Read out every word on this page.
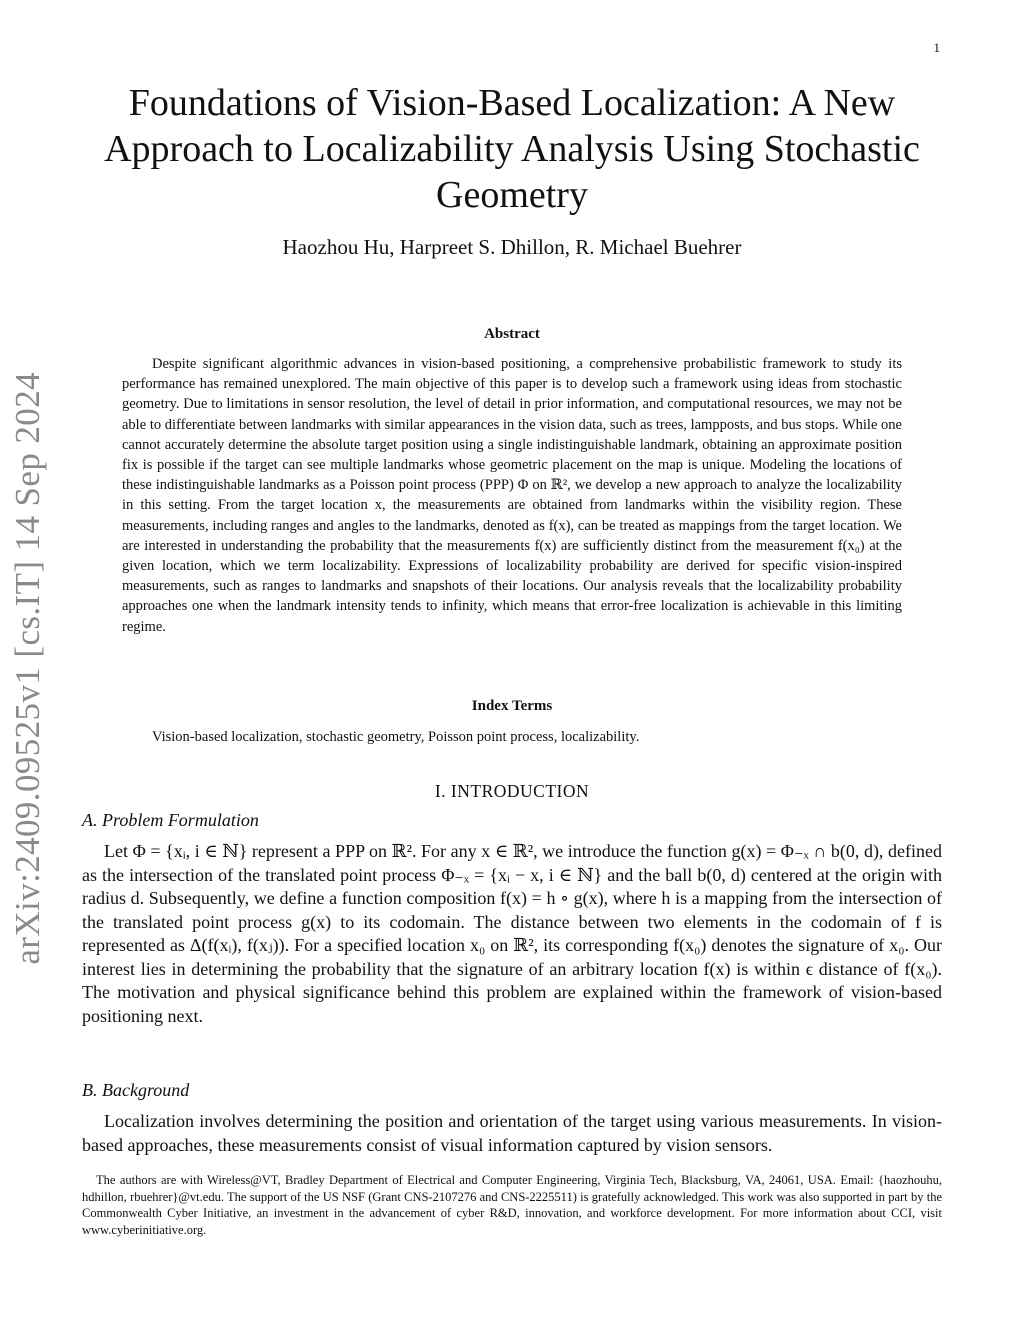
1
arXiv:2409.09525v1 [cs.IT] 14 Sep 2024
Foundations of Vision-Based Localization: A New Approach to Localizability Analysis Using Stochastic Geometry
Haozhou Hu, Harpreet S. Dhillon, R. Michael Buehrer
Abstract
Despite significant algorithmic advances in vision-based positioning, a comprehensive probabilistic framework to study its performance has remained unexplored. The main objective of this paper is to develop such a framework using ideas from stochastic geometry. Due to limitations in sensor resolution, the level of detail in prior information, and computational resources, we may not be able to differentiate between landmarks with similar appearances in the vision data, such as trees, lampposts, and bus stops. While one cannot accurately determine the absolute target position using a single indistinguishable landmark, obtaining an approximate position fix is possible if the target can see multiple landmarks whose geometric placement on the map is unique. Modeling the locations of these indistinguishable landmarks as a Poisson point process (PPP) Φ on ℝ², we develop a new approach to analyze the localizability in this setting. From the target location x, the measurements are obtained from landmarks within the visibility region. These measurements, including ranges and angles to the landmarks, denoted as f(x), can be treated as mappings from the target location. We are interested in understanding the probability that the measurements f(x) are sufficiently distinct from the measurement f(x₀) at the given location, which we term localizability. Expressions of localizability probability are derived for specific vision-inspired measurements, such as ranges to landmarks and snapshots of their locations. Our analysis reveals that the localizability probability approaches one when the landmark intensity tends to infinity, which means that error-free localization is achievable in this limiting regime.
Index Terms
Vision-based localization, stochastic geometry, Poisson point process, localizability.
I. INTRODUCTION
A. Problem Formulation
Let Φ = {xᵢ, i ∈ ℕ} represent a PPP on ℝ². For any x ∈ ℝ², we introduce the function g(x) = Φ₋ₓ ∩ b(0, d), defined as the intersection of the translated point process Φ₋ₓ = {xᵢ − x, i ∈ ℕ} and the ball b(0, d) centered at the origin with radius d. Subsequently, we define a function composition f(x) = h ∘ g(x), where h is a mapping from the intersection of the translated point process g(x) to its codomain. The distance between two elements in the codomain of f is represented as Δ(f(xᵢ), f(xⱼ)). For a specified location x₀ on ℝ², its corresponding f(x₀) denotes the signature of x₀. Our interest lies in determining the probability that the signature of an arbitrary location f(x) is within ϵ distance of f(x₀). The motivation and physical significance behind this problem are explained within the framework of vision-based positioning next.
B. Background
Localization involves determining the position and orientation of the target using various measurements. In vision-based approaches, these measurements consist of visual information captured by vision sensors.
The authors are with Wireless@VT, Bradley Department of Electrical and Computer Engineering, Virginia Tech, Blacksburg, VA, 24061, USA. Email: {haozhouhu, hdhillon, rbuehrer}@vt.edu. The support of the US NSF (Grant CNS-2107276 and CNS-2225511) is gratefully acknowledged. This work was also supported in part by the Commonwealth Cyber Initiative, an investment in the advancement of cyber R&D, innovation, and workforce development. For more information about CCI, visit www.cyberinitiative.org.
